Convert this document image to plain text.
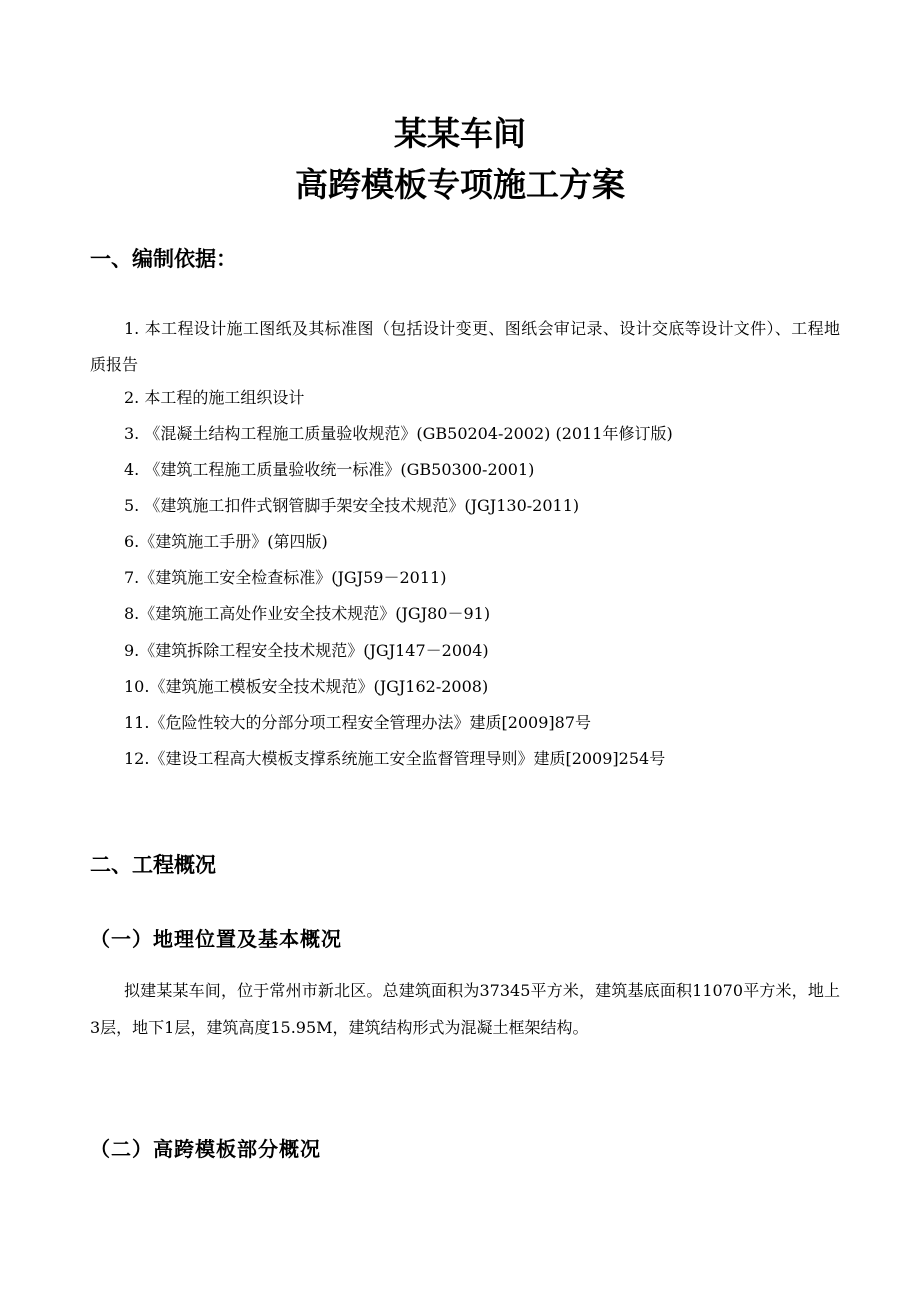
某某车间
高跨模板专项施工方案
一、编制依据：
1. 本工程设计施工图纸及其标准图（包括设计变更、图纸会审记录、设计交底等设计文件）、工程地质报告
2. 本工程的施工组织设计
3. 《混凝土结构工程施工质量验收规范》(GB50204-2002) (2011年修订版)
4. 《建筑工程施工质量验收统一标准》(GB50300-2001)
5. 《建筑施工扣件式钢管脚手架安全技术规范》(JGJ130-2011)
6.《建筑施工手册》(第四版)
7.《建筑施工安全检查标准》(JGJ59－2011)
8.《建筑施工高处作业安全技术规范》(JGJ80－91)
9.《建筑拆除工程安全技术规范》(JGJ147－2004)
10.《建筑施工模板安全技术规范》(JGJ162-2008)
11.《危险性较大的分部分项工程安全管理办法》建质[2009]87号
12.《建设工程高大模板支撑系统施工安全监督管理导则》建质[2009]254号
二、工程概况
（一）地理位置及基本概况
拟建某某车间，位于常州市新北区。总建筑面积为37345平方米，建筑基底面积11070平方米，地上3层，地下1层，建筑高度15.95M，建筑结构形式为混凝土框架结构。
（二）高跨模板部分概况
